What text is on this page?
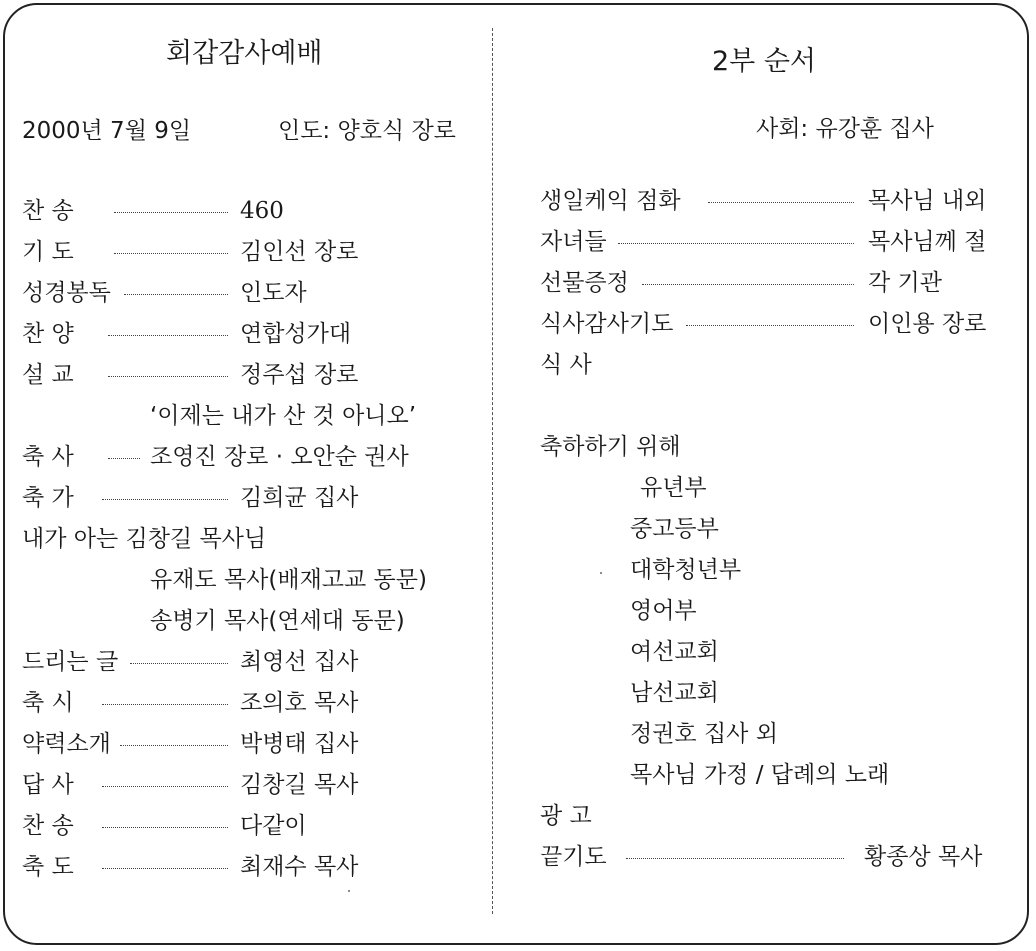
회갑감사예배
2000년 7월 9일	인도: 양호식 장로
찬 송	460
기 도	김인선 장로
성경봉독	인도자
찬 양	연합성가대
설 교	정주섭 장로
‘이제는 내가 산 것 아니오’
축 사	조영진 장로 · 오안순 권사
축 가	김희균 집사
내가 아는 김창길 목사님
유재도 목사(배재고교 동문)
송병기 목사(연세대 동문)
드리는 글	최영선 집사
축 시	조의호 목사
약력소개	박병태 집사
답 사	김창길 목사
찬 송	다같이
축 도	최재수 목사
2부 순서
사회: 유강훈 집사
생일케익 점화	목사님 내외
자녀들	목사님께 절
선물증정	각 기관
식사감사기도	이인용 장로
식 사
축하하기 위해
유년부
중고등부
대학청년부
영어부
여선교회
남선교회
정권호 집사 외
목사님 가정 / 답례의 노래
광 고
끝기도	황종상 목사
